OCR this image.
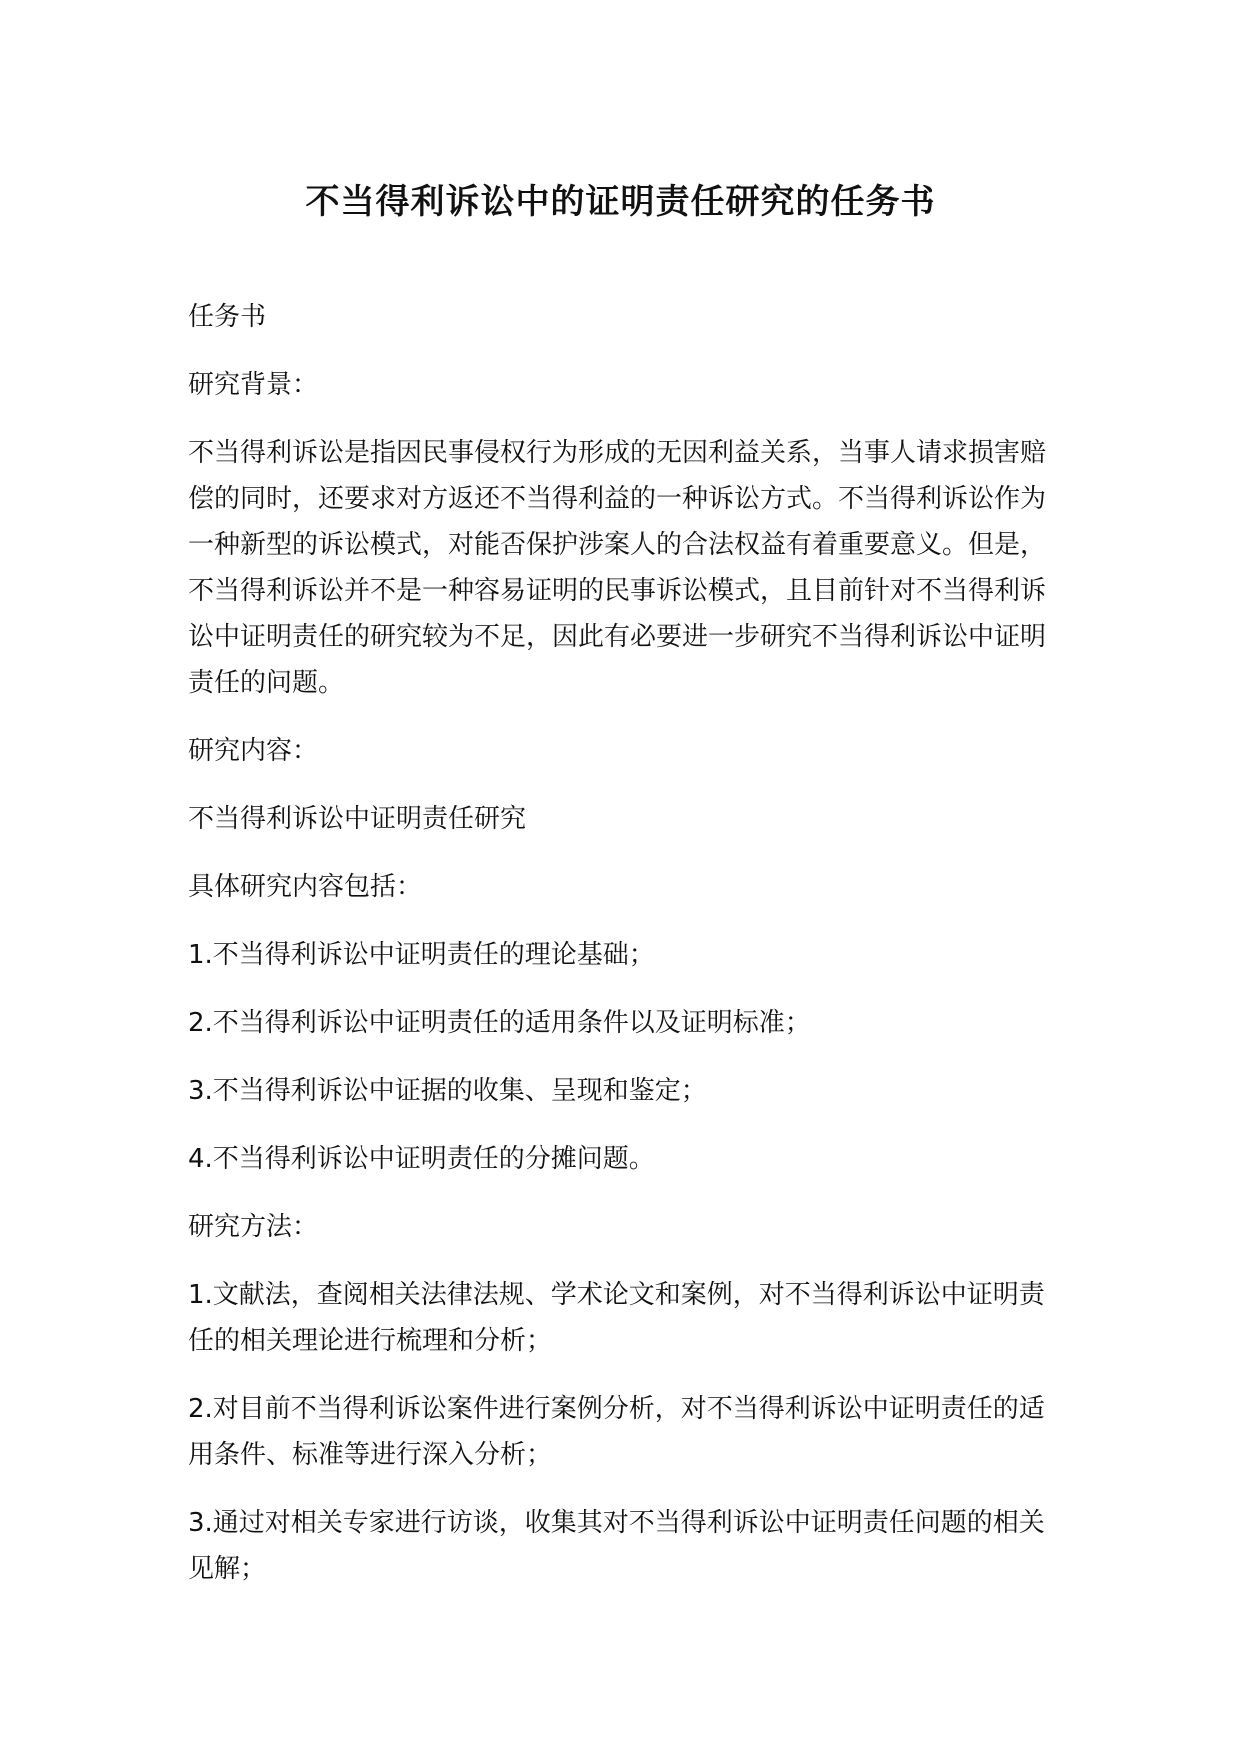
不当得利诉讼中的证明责任研究的任务书

任务书

研究背景：

不当得利诉讼是指因民事侵权行为形成的无因利益关系，当事人请求损害赔偿的同时，还要求对方返还不当得利益的一种诉讼方式。不当得利诉讼作为一种新型的诉讼模式，对能否保护涉案人的合法权益有着重要意义。但是，不当得利诉讼并不是一种容易证明的民事诉讼模式，且目前针对不当得利诉讼中证明责任的研究较为不足，因此有必要进一步研究不当得利诉讼中证明责任的问题。

研究内容：

不当得利诉讼中证明责任研究

具体研究内容包括：

1.不当得利诉讼中证明责任的理论基础；

2.不当得利诉讼中证明责任的适用条件以及证明标准；

3.不当得利诉讼中证据的收集、呈现和鉴定；

4.不当得利诉讼中证明责任的分摊问题。

研究方法：

1.文献法，查阅相关法律法规、学术论文和案例，对不当得利诉讼中证明责任的相关理论进行梳理和分析；

2.对目前不当得利诉讼案件进行案例分析，对不当得利诉讼中证明责任的适用条件、标准等进行深入分析；

3.通过对相关专家进行访谈，收集其对不当得利诉讼中证明责任问题的相关见解；
